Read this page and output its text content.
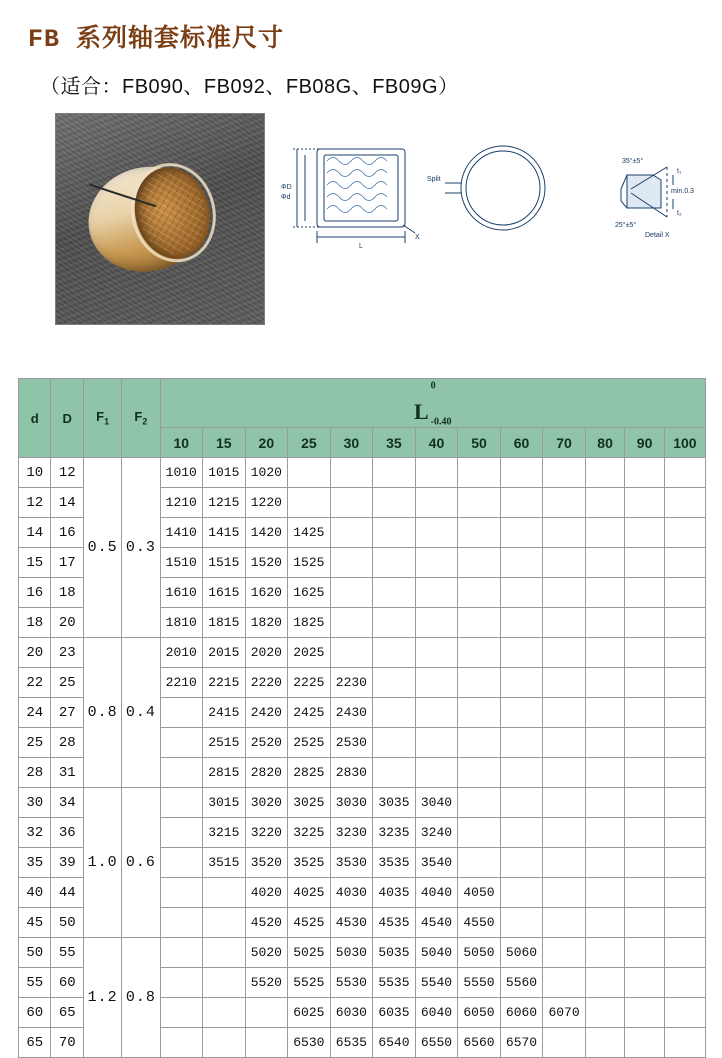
FB 系列轴套标准尺寸
（适合：FB090、FB092、FB08G、FB09G）
ΦD
Φd
L
X
Split
35°±5°
25°±5°
min.0.3
Detail X
t₁
t₂
d	D	$F_1$	$F_2$	$L^0$
$_{-0.40}$
				10	15	20	25	30	35	40	50	60	70	80	90	100
10	12	0.5	0.3	1010	1015	1020										
12	14			1210	1215	1220										
14	16			1410	1415	1420	1425									
15	17			1510	1515	1520	1525									
16	18			1610	1615	1620	1625									
18	20			1810	1815	1820	1825									
20	23	0.8	0.4	2010	2015	2020	2025									
22	25			2210	2215	2220	2225	2230								
24	27				2415	2420	2425	2430								
25	28				2515	2520	2525	2530								
28	31				2815	2820	2825	2830								
30	34	1.0	0.6		3015	3020	3025	3030	3035	3040						
32	36				3215	3220	3225	3230	3235	3240						
35	39				3515	3520	3525	3530	3535	3540						
40	44					4020	4025	4030	4035	4040	4050					
45	50					4520	4525	4530	4535	4540	4550					
50	55	1.2	0.8			5020	5025	5030	5035	5040	5050	5060				
55	60					5520	5525	5530	5535	5540	5550	5560				
60	65						6025	6030	6035	6040	6050	6060	6070			
65	70						6530	6535	6540	6550	6560	6570				
